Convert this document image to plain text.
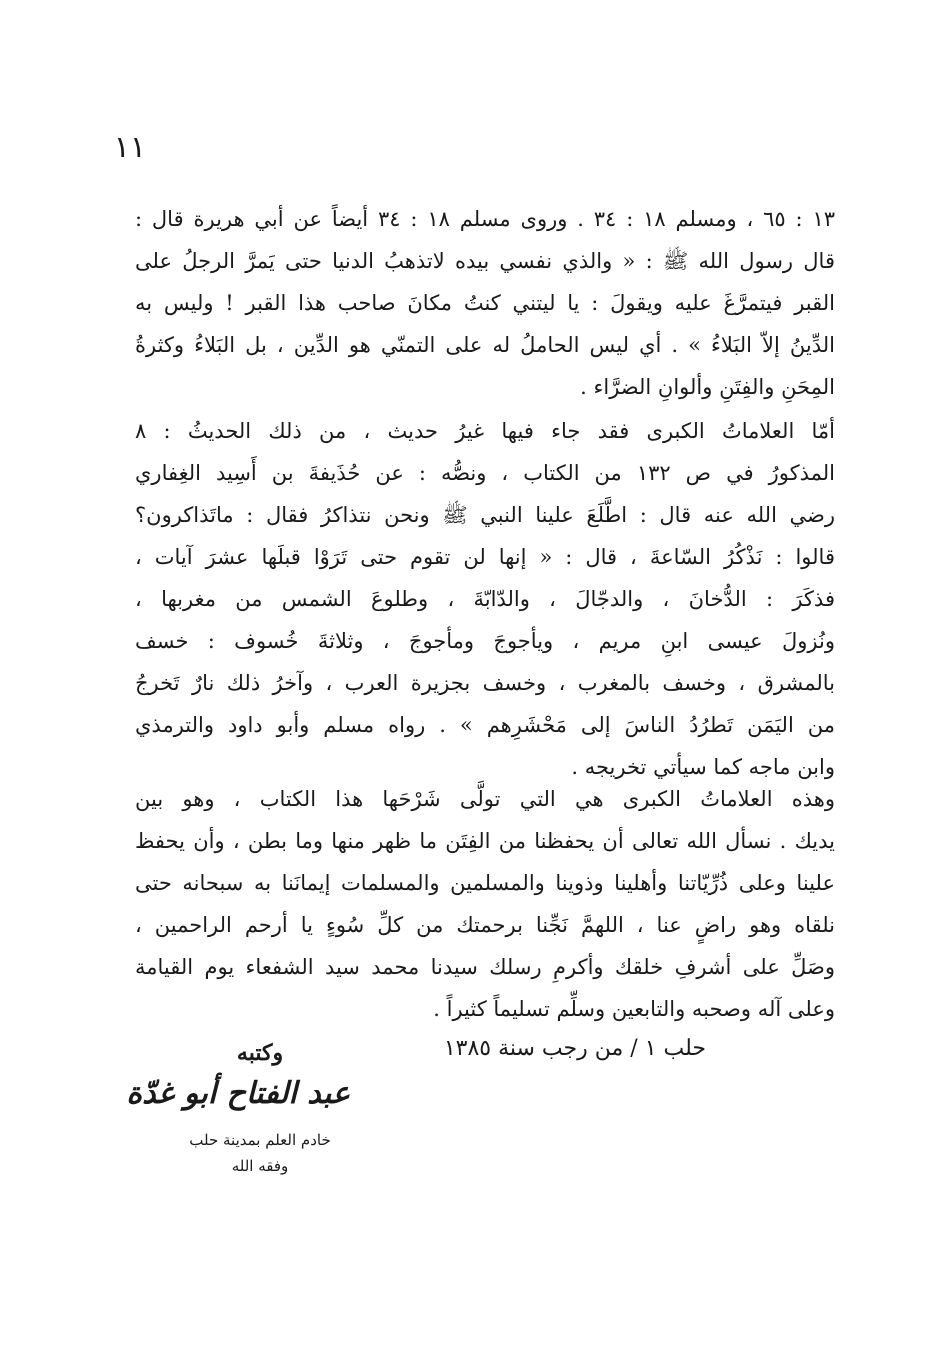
١١
١٣ : ٦٥ ، ومسلم ١٨ : ٣٤ . وروى مسلم ١٨ : ٣٤ أيضاً عن أبي هريرة قال :
قال رسول الله ﷺ : « والذي نفسي بيده لاتذهبُ الدنيا حتى يَمرَّ الرجلُ على
القبر فيتمرَّغَ عليه ويقولَ : يا ليتني كنتُ مكانَ صاحب هذا القبر ! وليس به
الدِّينُ إلاّ البَلاءُ » . أي ليس الحاملُ له على التمنّي هو الدِّين ، بل البَلاءُ وكثرةُ
المِحَنِ والفِتَنِ وألوانِ الضرَّاء .
أمّا العلاماتُ الكبرى فقد جاء فيها غيرُ حديث ، من ذلك الحديثُ : ٨
المذكورُ في ص ١٣٢ من الكتاب ، ونصُّه : عن حُذَيفةَ بن أَسِيد الغِفاري
رضي الله عنه قال : اطَّلَعَ علينا النبي ﷺ ونحن نتذاكرُ فقال : ماتَذاكرون؟
قالوا : نَذْكُرُ السّاعةَ ، قال : « إنها لن تقوم حتى تَرَوْا قبلَها عشرَ آيات ،
فذكَرَ : الدُّخانَ ، والدجّالَ ، والدّابّةَ ، وطلوعَ الشمس من مغربها ،
ونُزولَ عيسى ابنِ مريم ، ويأجوجَ ومأجوجَ ، وثلاثةَ خُسوف : خسف
بالمشرق ، وخسف بالمغرب ، وخسف بجزيرة العرب ، وآخرُ ذلك نارٌ تَخرجُ
من اليَمَن تَطرُدُ الناسَ إلى مَحْشَرِهم » . رواه مسلم وأبو داود والترمذي
وابن ماجه كما سيأتي تخريجه .
وهذه العلاماتُ الكبرى هي التي تولَّى شَرْحَها هذا الكتاب ، وهو بين
يديك . نسأل الله تعالى أن يحفظنا من الفِتَن ما ظهر منها وما بطن ، وأن يحفظ
علينا وعلى ذُرِّيّاتنا وأهلينا وذوينا والمسلمين والمسلمات إيمانَنا به سبحانه حتى
نلقاه وهو راضٍ عنا ، اللهمَّ نَجِّنا برحمتك من كلِّ سُوءٍ يا أرحم الراحمين ،
وصَلِّ على أشرفِ خلقك وأكرمِ رسلك سيدنا محمد سيد الشفعاء يوم القيامة
وعلى آله وصحبه والتابعين وسلِّم تسليماً كثيراً .
حلب ١ / من رجب سنة ١٣٨٥
وكتبه
عبد الفتاح أبو غدّة
خادم العلم بمدينة حلب
وفقه الله
